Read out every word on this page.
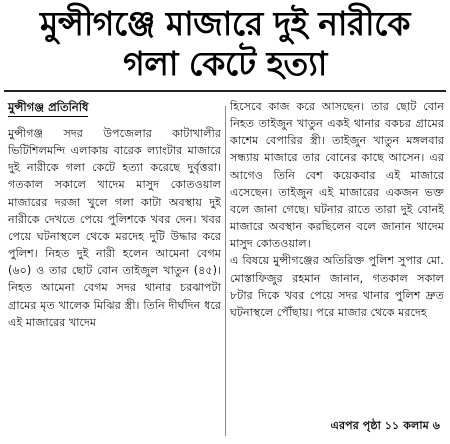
মুন্সীগঞ্জে মাজারে দুই নারীকে
গলা কেটে হত্যা
মুন্সীগঞ্জ প্রতিনিধি

মুন্সীগঞ্জ সদর উপজেলার কাটাখালীর ভিটিশিলমন্দি এলাকায় বারেক ল্যাংটার মাজারে দুই নারীকে গলা কেটে হত্যা করেছে দুর্বৃত্তরা। গতকাল সকালে খাদেম মাসুদ কোতওয়াল মাজারের দরজা খুলে গলা কাটা অবস্থায় দুই নারীকে দেখতে পেয়ে পুলিশকে খবর দেন। খবর পেয়ে ঘটনাস্থলে থেকে মরদেহ দুটি উদ্ধার করে পুলিশ। নিহত দুই নারী হলেন আমেনা বেগম (৬০) ও তার ছোট বোন তাইজুল খাতুন (৪৫)। নিহত আমেনা বেগম সদর থানার চরঝাপটা গ্রামের মৃত খালেক মিঝির স্ত্রী। তিনি দীর্ঘদিন ধরে এই মাজারের খাদেম

হিসেবে কাজ করে আসছেন। তার ছোট বোন নিহত তাইজুন খাতুন একই থানার বকচর গ্রামের কাশেম বেপারির স্ত্রী। তাইজুন খাতুন মঙ্গলবার সন্ধ্যায় মাজারে তার বোনের কাছে আসেন। এর আগেও তিনি বেশ কয়েকবার এই মাজারে এসেছেন। তাইজুন এই মাজারের একজন ভক্ত বলে জানা গেছে। ঘটনার রাতে তারা দুই বোনই মাজারে অবস্থান করছিলেন বলে জানান খাদেম মাসুদ কোতওয়াল।

এ বিষয়ে মুন্সীগঞ্জের অতিরিক্ত পুলিশ সুপার মো. মোস্তাফিজুর রহমান জানান, গতকাল সকাল ৮টার দিকে খবর পেয়ে সদর থানার পুলিশ দ্রুত ঘটনাস্থলে পৌঁছায়। পরে মাজার থেকে মরদেহ

এরপর পৃষ্ঠা ১১ কলাম ৬
